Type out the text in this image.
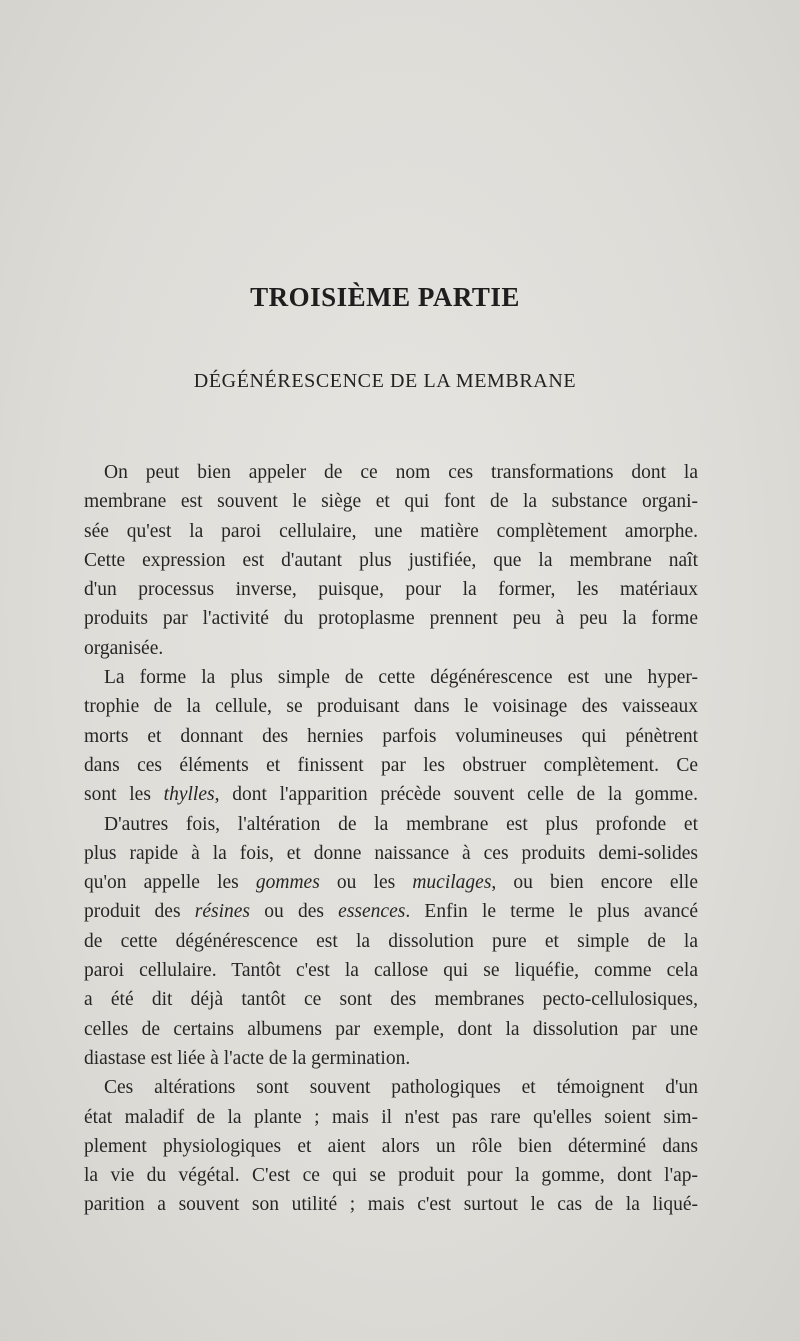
TROISIÈME PARTIE
DÉGÉNÉRESCENCE DE LA MEMBRANE
On peut bien appeler de ce nom ces transformations dont la
membrane est souvent le siège et qui font de la substance organi-
sée qu'est la paroi cellulaire, une matière complètement amorphe.
Cette expression est d'autant plus justifiée, que la membrane naît
d'un processus inverse, puisque, pour la former, les matériaux
produits par l'activité du protoplasme prennent peu à peu la forme
organisée.
La forme la plus simple de cette dégénérescence est une hyper-
trophie de la cellule, se produisant dans le voisinage des vaisseaux
morts et donnant des hernies parfois volumineuses qui pénètrent
dans ces éléments et finissent par les obstruer complètement. Ce
sont les thylles, dont l'apparition précède souvent celle de la gomme.
D'autres fois, l'altération de la membrane est plus profonde et
plus rapide à la fois, et donne naissance à ces produits demi-solides
qu'on appelle les gommes ou les mucilages, ou bien encore elle
produit des résines ou des essences. Enfin le terme le plus avancé
de cette dégénérescence est la dissolution pure et simple de la
paroi cellulaire. Tantôt c'est la callose qui se liquéfie, comme cela
a été dit déjà tantôt ce sont des membranes pecto-cellulosiques,
celles de certains albumens par exemple, dont la dissolution par une
diastase est liée à l'acte de la germination.
Ces altérations sont souvent pathologiques et témoignent d'un
état maladif de la plante ; mais il n'est pas rare qu'elles soient sim-
plement physiologiques et aient alors un rôle bien déterminé dans
la vie du végétal. C'est ce qui se produit pour la gomme, dont l'ap-
parition a souvent son utilité ; mais c'est surtout le cas de la liqué-
